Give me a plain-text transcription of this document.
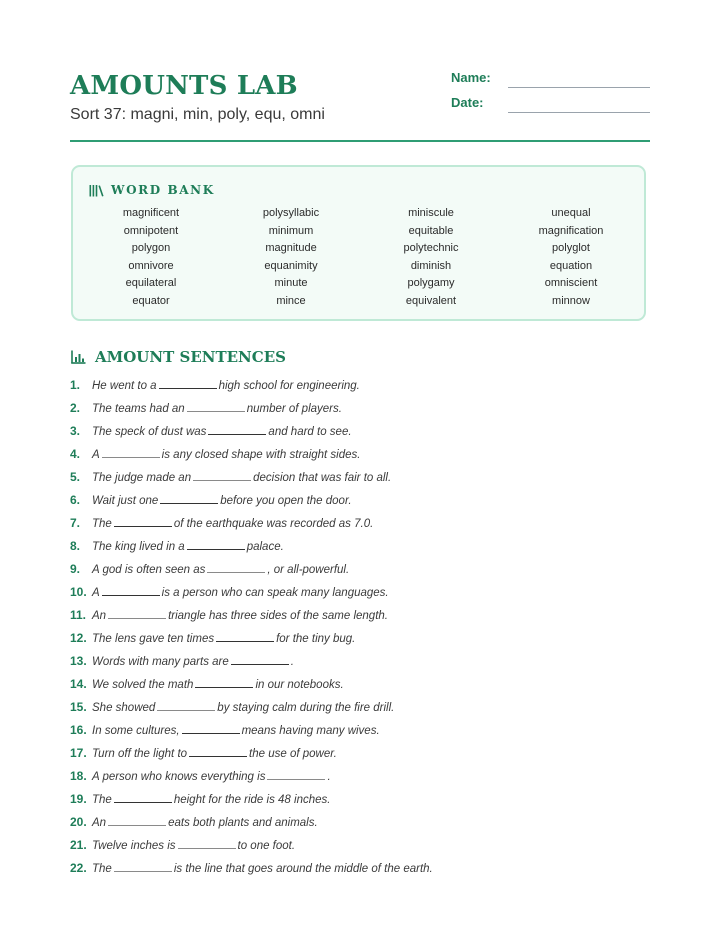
AMOUNTS LAB
Sort 37: magni, min, poly, equ, omni
Name:
Date:
WORD BANK
magnificent	polysyllabic	miniscule	unequal
omnipotent	minimum	equitable	magnification
polygon	magnitude	polytechnic	polyglot
omnivore	equanimity	diminish	equation
equilateral	minute	polygamy	omniscient
equator	mince	equivalent	minnow
AMOUNT SENTENCES
1.	He went to a	high school for engineering.
2.	The teams had an	number of players.
3.	The speck of dust was	and hard to see.
4.	A	is any closed shape with straight sides.
5.	The judge made an	decision that was fair to all.
6.	Wait just one	before you open the door.
7.	The	of the earthquake was recorded as 7.0.
8.	The king lived in a	palace.
9.	A god is often seen as	, or all-powerful.
10. A	is a person who can speak many languages.
11. An	triangle has three sides of the same length.
12. The lens gave ten times	for the tiny bug.
13. Words with many parts are	.
14. We solved the math	in our notebooks.
15. She showed	by staying calm during the fire drill.
16. In some cultures,	means having many wives.
17. Turn off the light to	the use of power.
18. A person who knows everything is	.
19. The	height for the ride is 48 inches.
20. An	eats both plants and animals.
21. Twelve inches is	to one foot.
22. The	is the line that goes around the middle of the earth.
